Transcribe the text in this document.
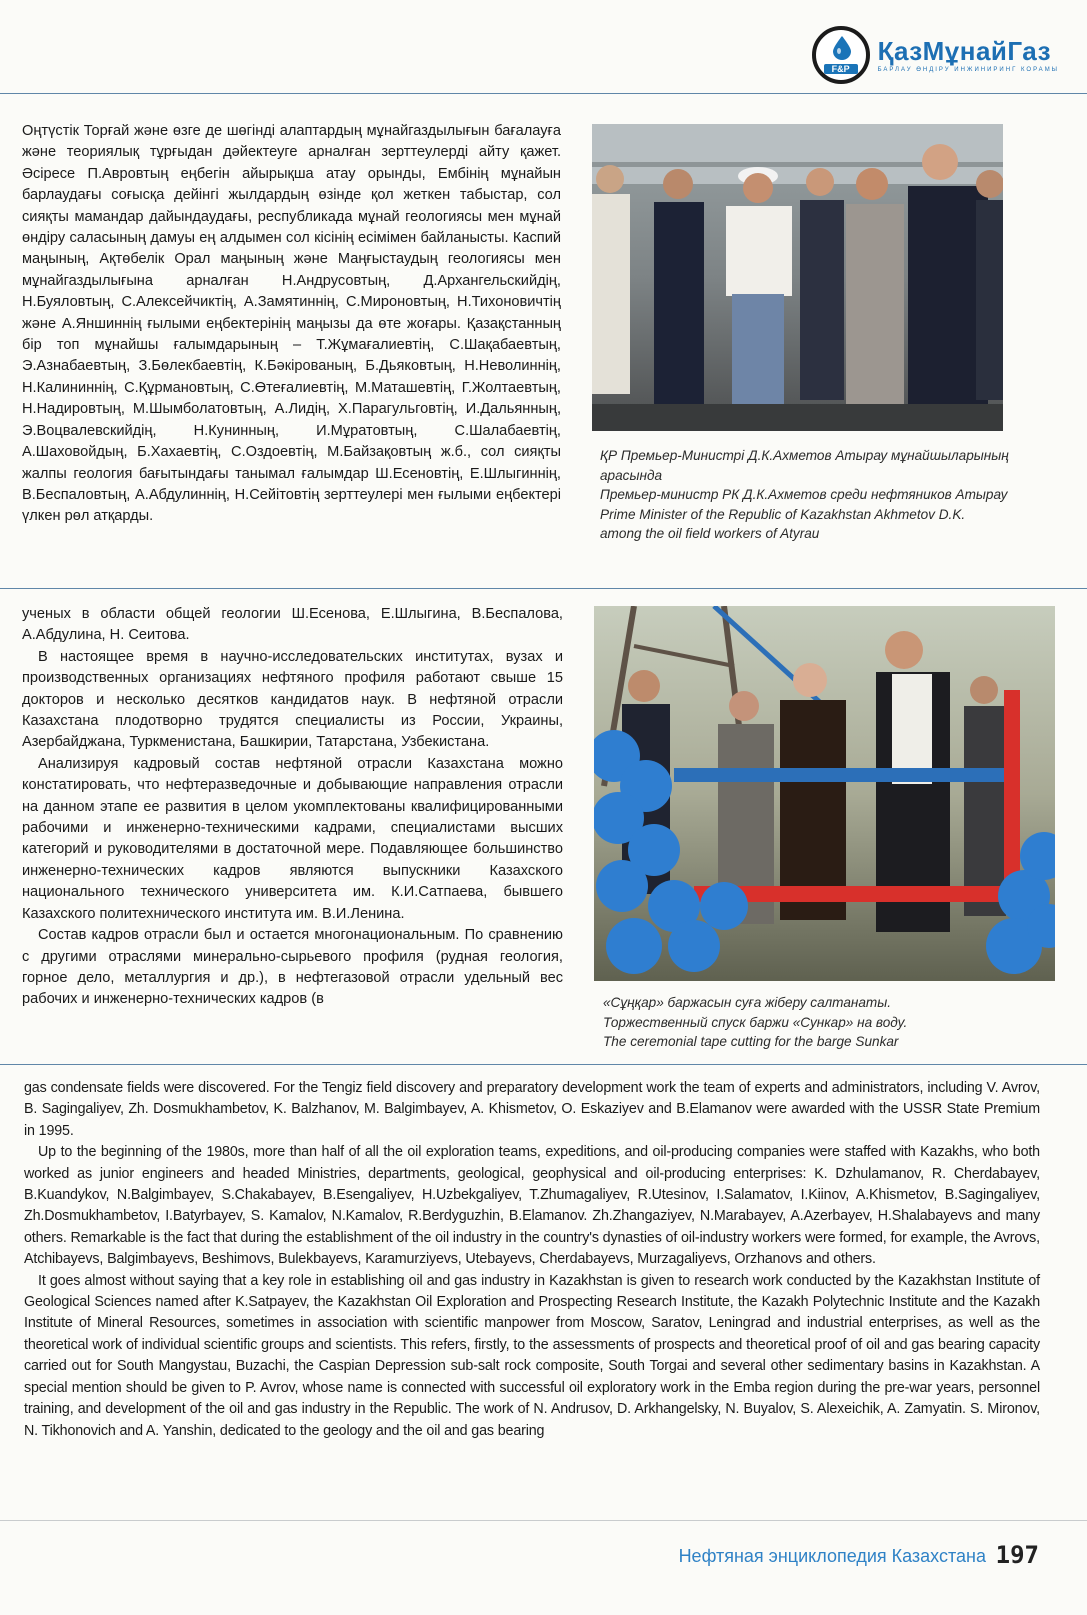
F&P
ҚазМұнайГаз
БАРЛАУ ӨНДІРУ ИНЖИНИРИНГ КОРАМЫ

Оңтүстік Торғай және өзге де шөгінді алаптардың мұнайгаздылығын бағалауға және теориялық тұрғыдан дәйектеуге арналған зерттеулерді айту қажет. Әсіресе П.Авровтың еңбегін айырықша атау орынды, Ембінің мұнайын барлаудағы соғысқа дейінгі жылдардың өзінде қол жеткен табыстар, сол сияқты мамандар дайындаудағы, республикада мұнай геологиясы мен мұнай өндіру саласының дамуы ең алдымен сол кісінің есімімен байланысты. Каспий маңының, Ақтөбелік Орал маңының және Маңғыстаудың геологиясы мен мұнайгаздылығына арналған Н.Андрусовтың, Д.Архангельскийдің, Н.Буяловтың, С.Алексейчиктің, А.Замятиннің, С.Мироновтың, Н.Тихоновичтің және А.Яншиннің ғылыми еңбектерінің маңызы да өте жоғары. Қазақстанның бір топ мұнайшы ғалымдарының – Т.Жұмағалиевтің, С.Шақабаевтың, Э.Азнабаевтың, З.Бөлекбаевтің, К.Бәкірованың, Б.Дьяковтың, Н.Неволиннің, Н.Калининнің, С.Құрмановтың, С.Өтеғалиевтің, М.Маташевтің, Г.Жолтаевтың, Н.Надировтың, М.Шымболатовтың, А.Лидің, Х.Парагульговтің, И.Дальянның, Э.Воцвалевскийдің, Н.Кунинның, И.Мұратовтың, С.Шалабаевтің, А.Шаховойдың, Б.Хахаевтің, С.Оздоевтің, М.Байзақовтың ж.б., сол сияқты жалпы геология бағытындағы танымал ғалымдар Ш.Есеновтің, Е.Шлыгиннің, В.Беспаловтың, А.Абдулиннің, Н.Сейітовтің зерттеулері мен ғылыми еңбектері үлкен рөл атқарды.

ҚР Премьер-Министрі Д.К.Ахметов Атырау мұнайшыларының арасында
Премьер-министр РК Д.К.Ахметов среди нефтяников Атырау
Prime Minister of the Republic of Kazakhstan Akhmetov D.K. among the oil field workers of Atyrau

ученых в области общей геологии Ш.Есенова, Е.Шлыгина, В.Беспалова, А.Абдулина, Н. Сеитова.

В настоящее время в научно-исследовательских институтах, вузах и производственных организациях нефтяного профиля работают свыше 15 докторов и несколько десятков кандидатов наук. В нефтяной отрасли Казахстана плодотворно трудятся специалисты из России, Украины, Азербайджана, Туркменистана, Башкирии, Татарстана, Узбекистана.

Анализируя кадровый состав нефтяной отрасли Казахстана можно констатировать, что нефтеразведочные и добывающие направления отрасли на данном этапе ее развития в целом укомплектованы квалифицированными рабочими и инженерно-техническими кадрами, специалистами высших категорий и руководителями в достаточной мере. Подавляющее большинство инженерно-технических кадров являются выпускники Казахского национального технического университета им. К.И.Сатпаева, бывшего Казахского политехнического института им. В.И.Ленина.

Состав кадров отрасли был и остается многонациональным. По сравнению с другими отраслями минерально-сырьевого профиля (рудная геология, горное дело, металлургия и др.), в нефтегазовой отрасли удельный вес рабочих и инженерно-технических кадров (в	«Сұңқар» баржасын суға жіберу салтанаты.
Торжественный спуск баржи «Сункар» на воду.
The ceremonial tape cutting for the barge Sunkar

gas condensate fields were discovered. For the Tengiz field discovery and preparatory development work the team of experts and administrators, including V. Avrov, B. Sagingaliyev, Zh. Dosmukhambetov, K. Balzhanov, M. Balgimbayev, A. Khismetov, O. Eskaziyev and B.Elamanov were awarded with the USSR State Premium in 1995.

Up to the beginning of the 1980s, more than half of all the oil exploration teams, expeditions, and oil-producing companies were staffed with Kazakhs, who both worked as junior engineers and headed Ministries, departments, geological, geophysical and oil-producing enterprises: K. Dzhulamanov, R. Cherdabayev, B.Kuandykov, N.Balgimbayev, S.Chakabayev, B.Esengaliyev, H.Uzbekgaliyev, T.Zhumagaliyev, R.Utesinov, I.Salamatov, I.Kiinov, A.Khismetov, B.Sagingaliyev, Zh.Dosmukhambetov, I.Batyrbayev, S. Kamalov, N.Kamalov, R.Berdyguzhin, B.Elamanov. Zh.Zhangaziyev, N.Marabayev, A.Azerbayev, H.Shalabayevs and many others. Remarkable is the fact that during the establishment of the oil industry in the country's dynasties of oil-industry workers were formed, for example, the Avrovs, Atchibayevs, Balgimbayevs, Beshimovs, Bulekbayevs, Karamurziyevs, Utebayevs, Cherdabayevs, Murzagaliyevs, Orzhanovs and others.

It goes almost without saying that a key role in establishing oil and gas industry in Kazakhstan is given to research work conducted by the Kazakhstan Institute of Geological Sciences named after K.Satpayev, the Kazakhstan Oil Exploration and Prospecting Research Institute, the Kazakh Polytechnic Institute and the Kazakh Institute of Mineral Resources, sometimes in association with scientific manpower from Moscow, Saratov, Leningrad and industrial enterprises, as well as the theoretical work of individual scientific groups and scientists. This refers, firstly, to the assessments of prospects and theoretical proof of oil and gas bearing capacity carried out for South Mangystau, Buzachi, the Caspian Depression sub-salt rock composite, South Torgai and several other sedimentary basins in Kazakhstan. A special mention should be given to P. Avrov, whose name is connected with successful oil exploratory work in the Emba region during the pre-war years, personnel training, and development of the oil and gas industry in the Republic. The work of N. Andrusov, D. Arkhangelsky, N. Buyalov, S. Alexeichik, A. Zamyatin. S. Mironov, N. Tikhonovich and A. Yanshin, dedicated to the geology and the oil and gas bearing

Нефтяная энциклопедия Казахстана 197
